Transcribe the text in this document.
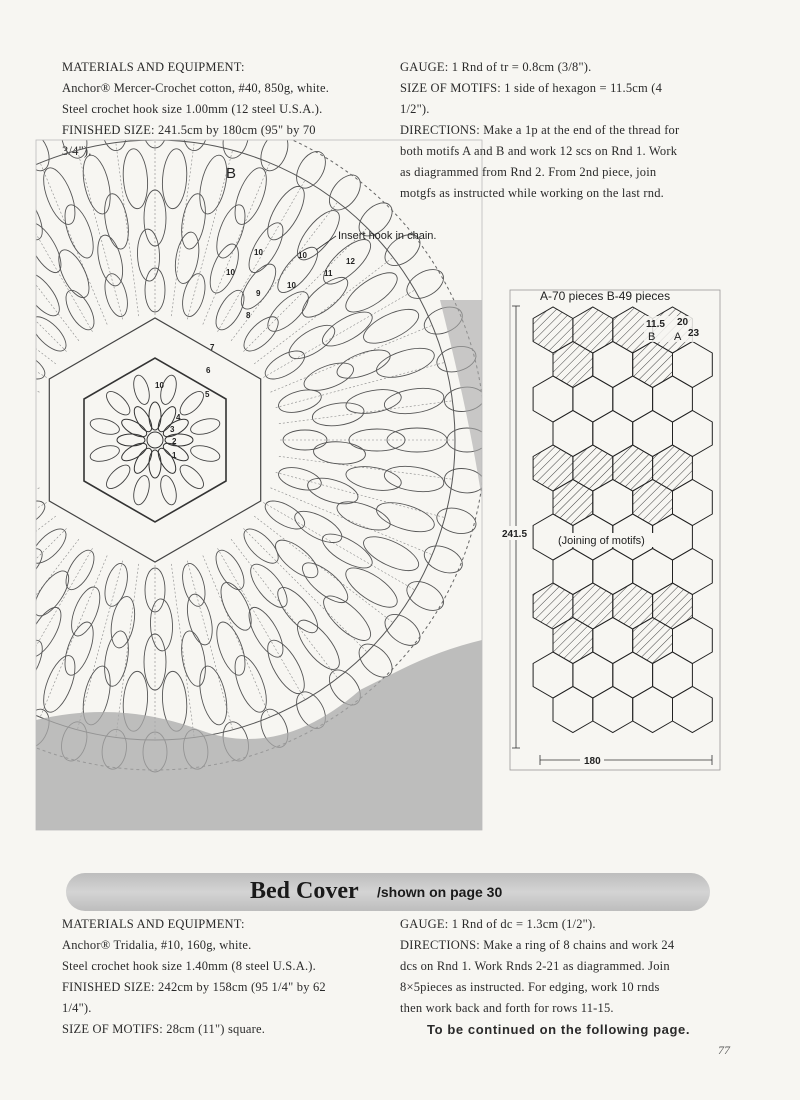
MATERIALS AND EQUIPMENT:

Anchor® Mercer-Crochet cotton, #40, 850g, white.

Steel crochet hook size 1.00mm (12 steel U.S.A.).

FINISHED SIZE: 241.5cm by 180cm (95" by 70

3/4").

GAUGE: 1 Rnd of tr = 0.8cm (3/8").

SIZE OF MOTIFS: 1 side of hexagon = 11.5cm (4

1/2").

DIRECTIONS: Make a 1p at the end of the thread for

both motifs A and B and work 12 scs on Rnd 1. Work

as diagrammed from Rnd 2. From 2nd piece, join

motgfs as instructed while working on the last rnd.

B
Insert hook in chain.
1
2
3
4
5
6
7
8
9
10
10
10	10
10
11
12
A-70 pieces B-49 pieces
241.5
180
(Joining of motifs)
11.5 20
23
B A
Bed Cover /shown on page 30

MATERIALS AND EQUIPMENT:

Anchor® Tridalia, #10, 160g, white.

Steel crochet hook size 1.40mm (8 steel U.S.A.).

FINISHED SIZE: 242cm by 158cm (95 1/4" by 62

1/4").

SIZE OF MOTIFS: 28cm (11") square.

GAUGE: 1 Rnd of dc = 1.3cm (1/2").

DIRECTIONS: Make a ring of 8 chains and work 24

dcs on Rnd 1. Work Rnds 2-21 as diagrammed. Join

8×5pieces as instructed. For edging, work 10 rnds

then work back and forth for rows 11-15.

To be continued on the following page.
77
